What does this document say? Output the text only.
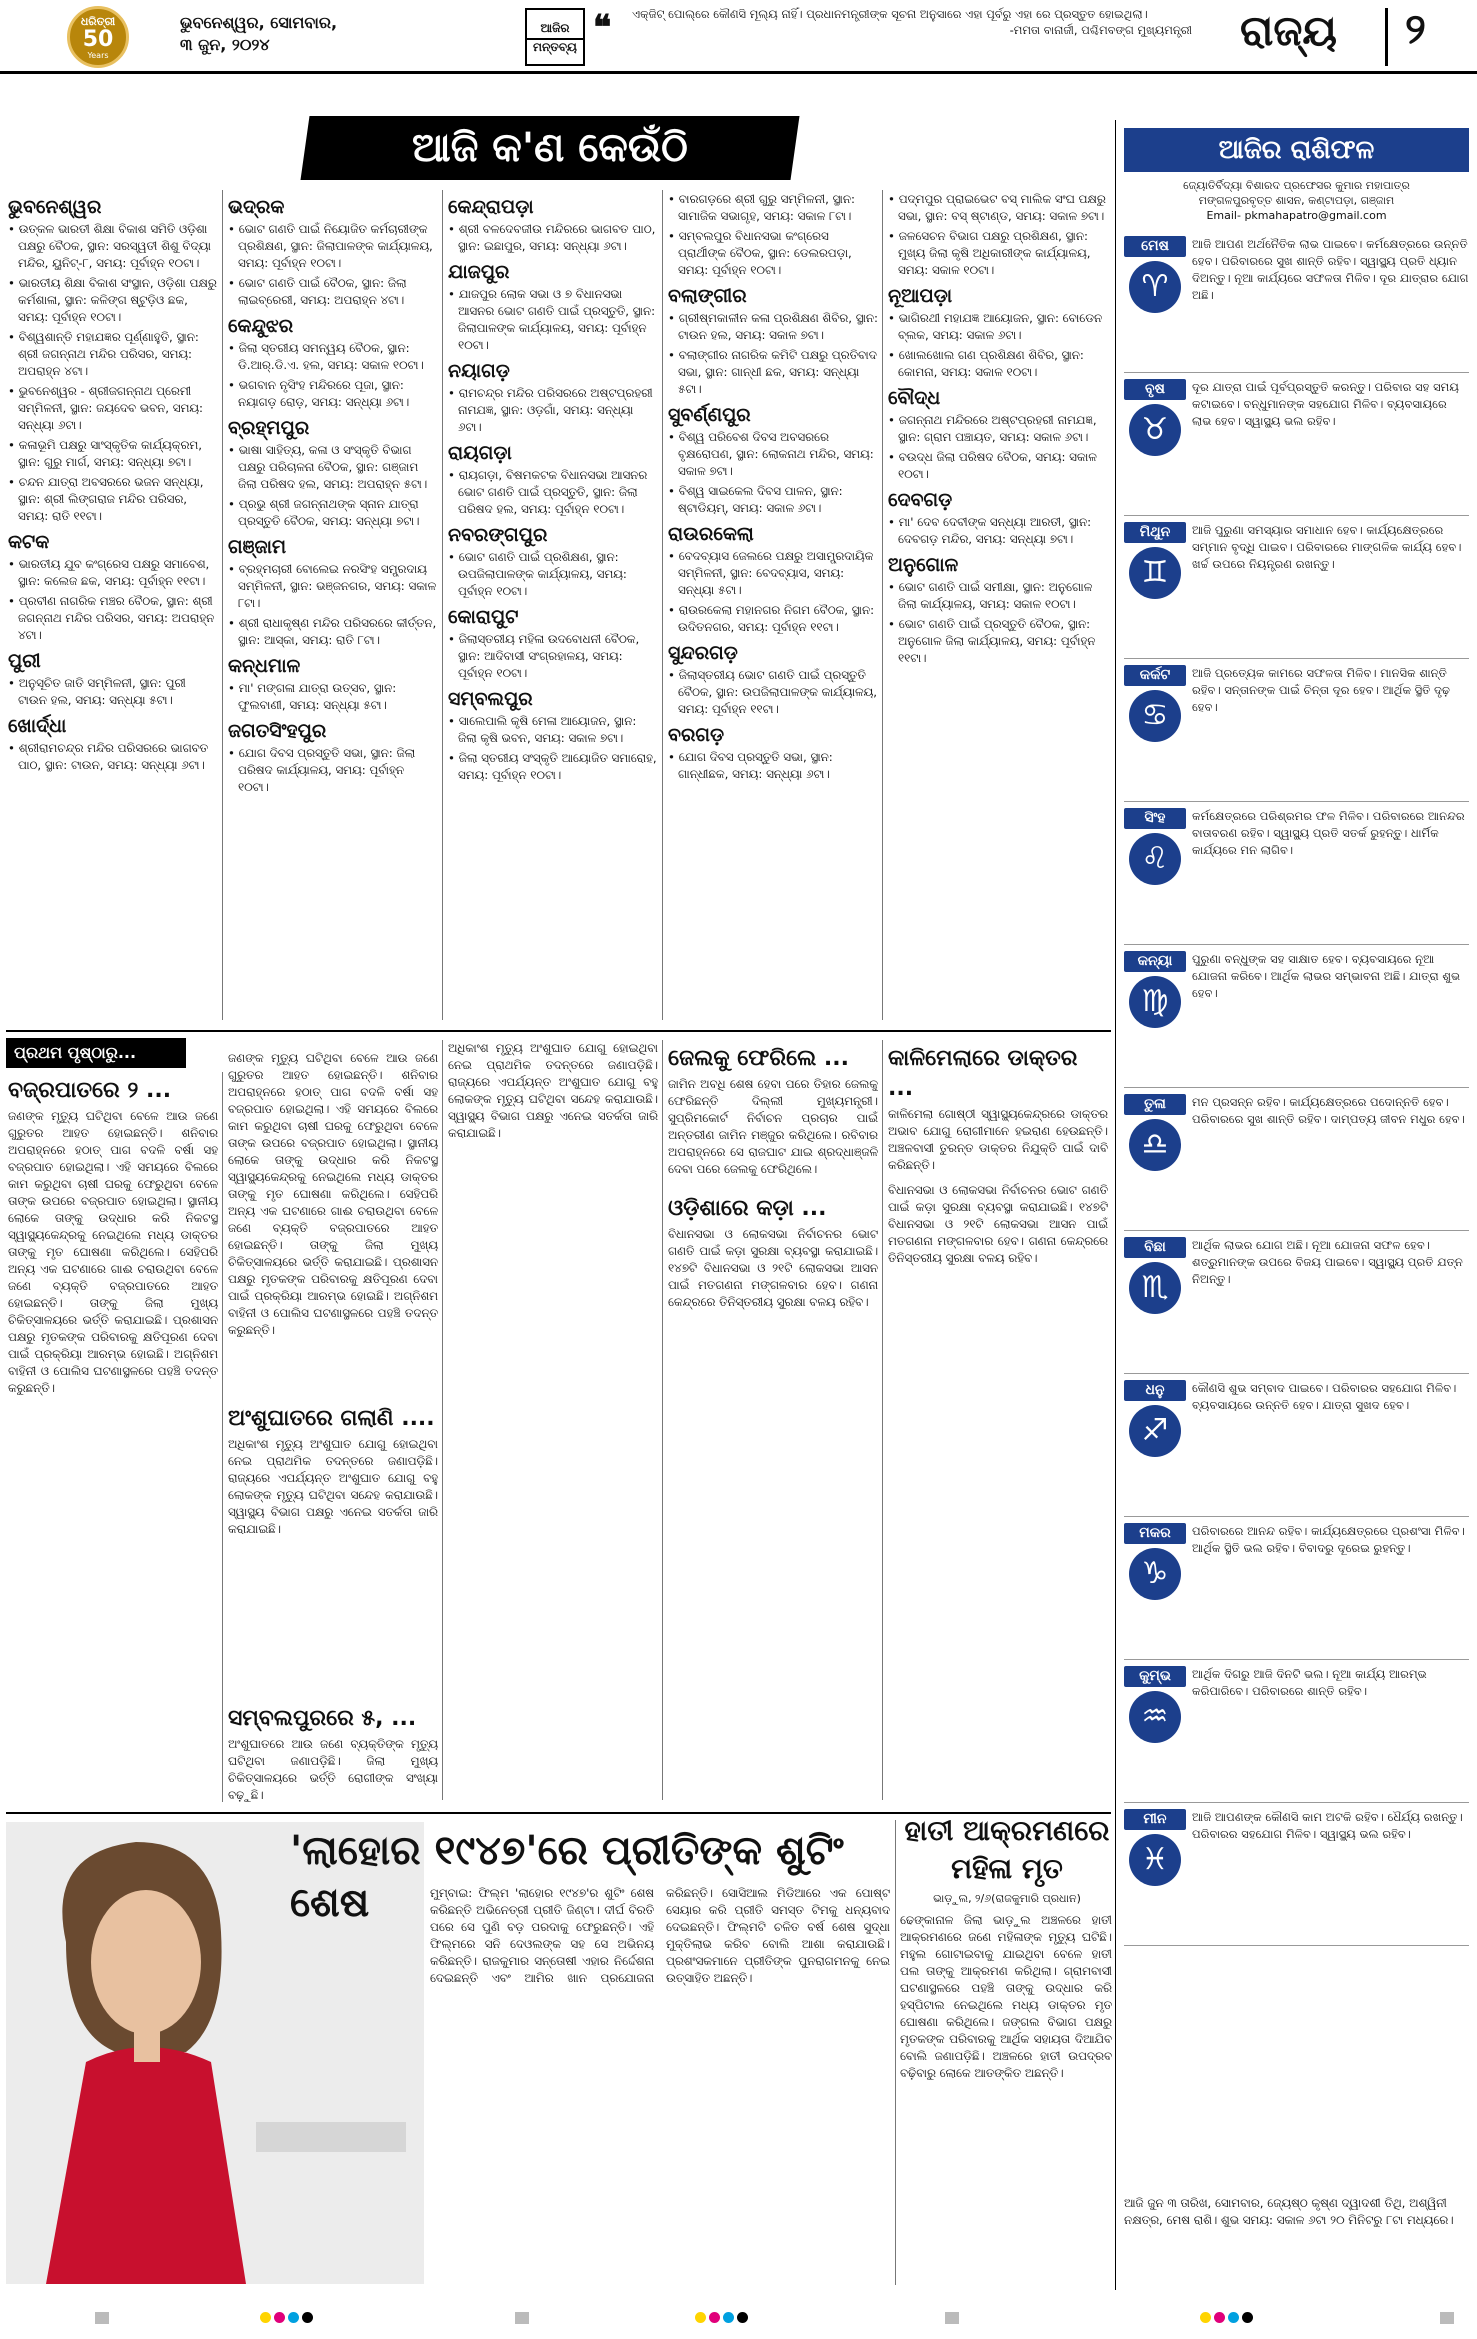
ଧରିତ୍ରୀ
50
Years
ଭୁବନେଶ୍ୱର, ସୋମବାର,
୩ ଜୁନ, ୨୦୨୪
ଆଜିର
ମନ୍ତବ୍ୟ ❝ ଏକ୍ଜିଟ୍ ପୋଲ୍ରେ କୌଣସି ମୂଲ୍ୟ ନାହିଁ। ପ୍ରଧାନମନ୍ତ୍ରୀଙ୍କ ସୂଚନା ଅନୁସାରେ ଏହା ପୂର୍ବରୁ ଏହା ରେ ପ୍ରସ୍ତୁତ ହୋଇଥିଲା।
-ମମତା ବାନାର୍ଜୀ, ପଶ୍ଚିମବଙ୍ଗ ମୁଖ୍ୟମନ୍ତ୍ରୀ ରାଜ୍ୟ ୨
ଆଜି କ'ଣ କେଉଁଠି
ଭୁବନେଶ୍ୱର
• ଉତ୍କଳ ଭାରତୀ ଶିକ୍ଷା ବିକାଶ ସମିତି ଓଡ଼ିଶା ପକ୍ଷରୁ ବୈଠକ, ସ୍ଥାନ: ସରସ୍ୱତୀ ଶିଶୁ ବିଦ୍ୟା ମନ୍ଦିର, ୟୁନିଟ୍-୮, ସମୟ: ପୂର୍ବାହ୍ନ ୧୦ଟା।
• ଭାରତୀୟ ଶିକ୍ଷା ବିକାଶ ସଂସ୍ଥାନ, ଓଡ଼ିଶା ପକ୍ଷରୁ କର୍ମଶାଳା, ସ୍ଥାନ: କଳିଙ୍ଗ ଷ୍ଟୁଡ଼ିଓ ଛକ, ସମୟ: ପୂର୍ବାହ୍ନ ୧୦ଟା।
• ବିଶ୍ୱଶାନ୍ତି ମହାଯଜ୍ଞର ପୂର୍ଣ୍ଣାହୁତି, ସ୍ଥାନ: ଶ୍ରୀ ଜଗନ୍ନାଥ ମନ୍ଦିର ପରିସର, ସମୟ: ଅପରାହ୍ନ ୪ଟା।
• ଭୁବନେଶ୍ୱର - ଶ୍ରୀଜଗନ୍ନାଥ ପ୍ରେମୀ ସମ୍ମିଳନୀ, ସ୍ଥାନ: ଜୟଦେବ ଭବନ, ସମୟ: ସନ୍ଧ୍ୟା ୬ଟା।
• କଳାଭୂମି ପକ୍ଷରୁ ସାଂସ୍କୃତିକ କାର୍ଯ୍ୟକ୍ରମ, ସ୍ଥାନ: ଗୁରୁ ମାର୍ଗ, ସମୟ: ସନ୍ଧ୍ୟା ୭ଟା।
• ଚନ୍ଦନ ଯାତ୍ରା ଅବସରରେ ଭଜନ ସନ୍ଧ୍ୟା, ସ୍ଥାନ: ଶ୍ରୀ ଲିଙ୍ଗରାଜ ମନ୍ଦିର ପରିସର, ସମୟ: ରାତି ୧୧ଟା।
କଟକ
• ଭାରତୀୟ ଯୁବ କଂଗ୍ରେସ ପକ୍ଷରୁ ସମାବେଶ, ସ୍ଥାନ: କଲେଜ ଛକ, ସମୟ: ପୂର୍ବାହ୍ନ ୧୧ଟା।
• ପ୍ରବୀଣ ନାଗରିକ ମଞ୍ଚର ବୈଠକ, ସ୍ଥାନ: ଶ୍ରୀ ଜଗନ୍ନାଥ ମନ୍ଦିର ପରିସର, ସମୟ: ଅପରାହ୍ନ ୪ଟା।
ପୁରୀ
• ଅନୁସୂଚିତ ଜାତି ସମ୍ମିଳନୀ, ସ୍ଥାନ: ପୁରୀ ଟାଉନ ହଲ, ସମୟ: ସନ୍ଧ୍ୟା ୫ଟା।
ଖୋର୍ଦ୍ଧା
• ଶ୍ରୀରାମଚନ୍ଦ୍ର ମନ୍ଦିର ପରିସରରେ ଭାଗବତ ପାଠ, ସ୍ଥାନ: ଟାଉନ, ସମୟ: ସନ୍ଧ୍ୟା ୬ଟା।
ଭଦ୍ରକ
• ଭୋଟ ଗଣତି ପାଇଁ ନିୟୋଜିତ କର୍ମଚାରୀଙ୍କ ପ୍ରଶିକ୍ଷଣ, ସ୍ଥାନ: ଜିଲାପାଳଙ୍କ କାର୍ଯ୍ୟାଳୟ, ସମୟ: ପୂର୍ବାହ୍ନ ୧୦ଟା।
• ଭୋଟ ଗଣତି ପାଇଁ ବୈଠକ, ସ୍ଥାନ: ଜିଲା ଲାଇବ୍ରେରୀ, ସମୟ: ଅପରାହ୍ନ ୪ଟା।
କେନ୍ଦୁଝର
• ଜିଲା ସ୍ତରୀୟ ସମନ୍ୱୟ ବୈଠକ, ସ୍ଥାନ: ଡି.ଆର୍.ଡି.ଏ. ହଲ, ସମୟ: ସକାଳ ୧୦ଟା।
• ଭଗବାନ ନୃସିଂହ ମନ୍ଦିରରେ ପୂଜା, ସ୍ଥାନ: ନୟାଗଡ଼ ରୋଡ଼, ସମୟ: ସନ୍ଧ୍ୟା ୬ଟା।
ବ୍ରହ୍ମପୁର
• ଭାଷା ସାହିତ୍ୟ, କଳା ଓ ସଂସ୍କୃତି ବିଭାଗ ପକ୍ଷରୁ ପରିଚାଳନା ବୈଠକ, ସ୍ଥାନ: ଗଞ୍ଜାମ ଜିଲା ପରିଷଦ ହଲ, ସମୟ: ଅପରାହ୍ନ ୫ଟା।
• ପ୍ରଭୁ ଶ୍ରୀ ଜଗନ୍ନାଥଙ୍କ ସ୍ନାନ ଯାତ୍ରା ପ୍ରସ୍ତୁତି ବୈଠକ, ସମୟ: ସନ୍ଧ୍ୟା ୭ଟା।
ଗଞ୍ଜାମ
• ବ୍ରହ୍ମଚାରୀ ବୋଲେଇ ନରସିଂହ ସମ୍ପ୍ରଦାୟ ସମ୍ମିଳନୀ, ସ୍ଥାନ: ଭଞ୍ଜନଗର, ସମୟ: ସକାଳ ୮ଟା।
• ଶ୍ରୀ ରାଧାକୃଷ୍ଣ ମନ୍ଦିର ପରିସରରେ କୀର୍ତ୍ତନ, ସ୍ଥାନ: ଆସ୍କା, ସମୟ: ରାତି ୮ଟା।
କନ୍ଧମାଳ
• ମା' ମଙ୍ଗଳା ଯାତ୍ରା ଉତ୍ସବ, ସ୍ଥାନ: ଫୁଲବାଣୀ, ସମୟ: ସନ୍ଧ୍ୟା ୫ଟା।
ଜଗତସିଂହପୁର
• ଯୋଗ ଦିବସ ପ୍ରସ୍ତୁତି ସଭା, ସ୍ଥାନ: ଜିଲା ପରିଷଦ କାର୍ଯ୍ୟାଳୟ, ସମୟ: ପୂର୍ବାହ୍ନ ୧୦ଟା।
କେନ୍ଦ୍ରାପଡ଼ା
• ଶ୍ରୀ ବଳଦେବଜୀଉ ମନ୍ଦିରରେ ଭାଗବତ ପାଠ, ସ୍ଥାନ: ଇଛାପୁର, ସମୟ: ସନ୍ଧ୍ୟା ୬ଟା।
ଯାଜପୁର
• ଯାଜପୁର ଲୋକ ସଭା ଓ ୭ ବିଧାନସଭା ଆସନର ଭୋଟ ଗଣତି ପାଇଁ ପ୍ରସ୍ତୁତି, ସ୍ଥାନ: ଜିଲାପାଳଙ୍କ କାର୍ଯ୍ୟାଳୟ, ସମୟ: ପୂର୍ବାହ୍ନ ୧୦ଟା।
ନୟାଗଡ଼
• ରାମଚନ୍ଦ୍ର ମନ୍ଦିର ପରିସରରେ ଅଷ୍ଟପ୍ରହରୀ ନାମଯଜ୍ଞ, ସ୍ଥାନ: ଓଡ଼ଗାଁ, ସମୟ: ସନ୍ଧ୍ୟା ୬ଟା।
ରାୟଗଡ଼ା
• ରାୟଗଡ଼ା, ବିଷମକଟକ ବିଧାନସଭା ଆସନର ଭୋଟ ଗଣତି ପାଇଁ ପ୍ରସ୍ତୁତି, ସ୍ଥାନ: ଜିଲା ପରିଷଦ ହଲ, ସମୟ: ପୂର୍ବାହ୍ନ ୧୦ଟା।
ନବରଙ୍ଗପୁର
• ଭୋଟ ଗଣତି ପାଇଁ ପ୍ରଶିକ୍ଷଣ, ସ୍ଥାନ: ଉପଜିଲାପାଳଙ୍କ କାର୍ଯ୍ୟାଳୟ, ସମୟ: ପୂର୍ବାହ୍ନ ୧୦ଟା।
କୋରାପୁଟ
• ଜିଲାସ୍ତରୀୟ ମହିଳା ଉଦବୋଧନୀ ବୈଠକ, ସ୍ଥାନ: ଆଦିବାସୀ ସଂଗ୍ରହାଳୟ, ସମୟ: ପୂର୍ବାହ୍ନ ୧୦ଟା।
ସମ୍ବଲପୁର
• ସାଲେପାଲି କୃଷି ମେଳା ଆୟୋଜନ, ସ୍ଥାନ: ଜିଲା କୃଷି ଭବନ, ସମୟ: ସକାଳ ୭ଟା।
• ଜିଲା ସ୍ତରୀୟ ସଂସ୍କୃତି ଆୟୋଜିତ ସମାରୋହ, ସମୟ: ପୂର୍ବାହ୍ନ ୧୦ଟା।
• ବାରଗଡ଼ରେ ଶ୍ରୀ ଗୁରୁ ସମ୍ମିଳନୀ, ସ୍ଥାନ: ସାମାଜିକ ସଭାଗୃହ, ସମୟ: ସକାଳ ୮ଟା।
• ସମ୍ବଲପୁର ବିଧାନସଭା କଂଗ୍ରେସ ପ୍ରାର୍ଥୀଙ୍କ ବୈଠକ, ସ୍ଥାନ: ଡେଲରପଡ଼ା, ସମୟ: ପୂର୍ବାହ୍ନ ୧୦ଟା।
ବଲାଙ୍ଗୀର
• ଗ୍ରୀଷ୍ମକାଳୀନ କଳା ପ୍ରଶିକ୍ଷଣ ଶିବିର, ସ୍ଥାନ: ଟାଉନ ହଲ, ସମୟ: ସକାଳ ୭ଟା।
• ବଲାଙ୍ଗୀର ନାଗରିକ କମିଟି ପକ୍ଷରୁ ପ୍ରତିବାଦ ସଭା, ସ୍ଥାନ: ଗାନ୍ଧୀ ଛକ, ସମୟ: ସନ୍ଧ୍ୟା ୫ଟା।
ସୁବର୍ଣ୍ଣପୁର
• ବିଶ୍ୱ ପରିବେଶ ଦିବସ ଅବସରରେ ବୃକ୍ଷରୋପଣ, ସ୍ଥାନ: ଲୋକନାଥ ମନ୍ଦିର, ସମୟ: ସକାଳ ୭ଟା।
• ବିଶ୍ୱ ସାଇକେଲ ଦିବସ ପାଳନ, ସ୍ଥାନ: ଷ୍ଟାଡିୟମ୍, ସମୟ: ସକାଳ ୬ଟା।
ରାଉରକେଲା
• ବେଦବ୍ୟାସ ଜେଲରେ ପକ୍ଷରୁ ଅସାମ୍ପ୍ରଦାୟିକ ସମ୍ମିଳନୀ, ସ୍ଥାନ: ବେଦବ୍ୟାସ, ସମୟ: ସନ୍ଧ୍ୟା ୫ଟା।
• ରାଉରକେଲା ମହାନଗର ନିଗମ ବୈଠକ, ସ୍ଥାନ: ଉଦିତନଗର, ସମୟ: ପୂର୍ବାହ୍ନ ୧୧ଟା।
ସୁନ୍ଦରଗଡ଼
• ଜିଲାସ୍ତରୀୟ ଭୋଟ ଗଣତି ପାଇଁ ପ୍ରସ୍ତୁତି ବୈଠକ, ସ୍ଥାନ: ଉପଜିଲାପାଳଙ୍କ କାର୍ଯ୍ୟାଳୟ, ସମୟ: ପୂର୍ବାହ୍ନ ୧୧ଟା।
ବରଗଡ଼
• ଯୋଗ ଦିବସ ପ୍ରସ୍ତୁତି ସଭା, ସ୍ଥାନ: ଗାନ୍ଧୀଛକ, ସମୟ: ସନ୍ଧ୍ୟା ୬ଟା।
• ପଦ୍ମପୁର ପ୍ରାଇଭେଟ ବସ୍ ମାଲିକ ସଂଘ ପକ୍ଷରୁ ସଭା, ସ୍ଥାନ: ବସ୍ ଷ୍ଟାଣ୍ଡ, ସମୟ: ସକାଳ ୭ଟା।
• ଜଳସେଚନ ବିଭାଗ ପକ୍ଷରୁ ପ୍ରଶିକ୍ଷଣ, ସ୍ଥାନ: ମୁଖ୍ୟ ଜିଲା କୃଷି ଅଧିକାରୀଙ୍କ କାର୍ଯ୍ୟାଳୟ, ସମୟ: ସକାଳ ୧୦ଟା।
ନୂଆପଡ଼ା
• ଭାଗିରଥୀ ମହାଯଜ୍ଞ ଆୟୋଜନ, ସ୍ଥାନ: ବୋଡେନ ବ୍ଲକ, ସମୟ: ସକାଳ ୬ଟା।
• ଖୋଲଖୋଲ ଗଣ ପ୍ରଶିକ୍ଷଣ ଶିବିର, ସ୍ଥାନ: କୋମନା, ସମୟ: ସକାଳ ୧୦ଟା।
ବୌଦ୍ଧ
• ଜଗନ୍ନାଥ ମନ୍ଦିରରେ ଅଷ୍ଟପ୍ରହରୀ ନାମଯଜ୍ଞ, ସ୍ଥାନ: ଗ୍ରାମ ପଞ୍ଚାୟତ, ସମୟ: ସକାଳ ୬ଟା।
• ବଉଦ୍ଧ ଜିଲା ପରିଷଦ ବୈଠକ, ସମୟ: ସକାଳ ୧୦ଟା।
ଦେବଗଡ଼
• ମା' ଦେବ ଦେବୀଙ୍କ ସନ୍ଧ୍ୟା ଆରତୀ, ସ୍ଥାନ: ଦେବଗଡ଼ ମନ୍ଦିର, ସମୟ: ସନ୍ଧ୍ୟା ୭ଟା।
ଅନୁଗୋଳ
• ଭୋଟ ଗଣତି ପାଇଁ ସମୀକ୍ଷା, ସ୍ଥାନ: ଅନୁଗୋଳ ଜିଲା କାର୍ଯ୍ୟାଳୟ, ସମୟ: ସକାଳ ୧୦ଟା।
• ଭୋଟ ଗଣତି ପାଇଁ ପ୍ରସ୍ତୁତି ବୈଠକ, ସ୍ଥାନ: ଅନୁଗୋଳ ଜିଲା କାର୍ଯ୍ୟାଳୟ, ସମୟ: ପୂର୍ବାହ୍ନ ୧୧ଟା।
ଆଜିର ରାଶିଫଳ
ଜ୍ୟୋତିର୍ବିଦ୍ୟା ବିଶାରଦ ପ୍ରଫେସର କୁମାର ମହାପାତ୍ର
ମଙ୍ଗଳପୁରବୃତ୍ତ ଶାସନ, କଣ୍ଟାପଡ଼ା, ଗଞ୍ଜାମ
Email- pkmahapatro@gmail.com
ମେଷ
♈
ଆଜି ଆପଣ ଅର୍ଥନୈତିକ ଲାଭ ପାଇବେ। କର୍ମକ୍ଷେତ୍ରରେ ଉନ୍ନତି ହେବ। ପରିବାରରେ ସୁଖ ଶାନ୍ତି ରହିବ। ସ୍ୱାସ୍ଥ୍ୟ ପ୍ରତି ଧ୍ୟାନ ଦିଅନ୍ତୁ। ନୂଆ କାର୍ଯ୍ୟରେ ସଫଳତା ମିଳିବ। ଦୂର ଯାତ୍ରାର ଯୋଗ ଅଛି।
ବୃଷ
♉
ଦୂର ଯାତ୍ରା ପାଇଁ ପୂର୍ବପ୍ରସ୍ତୁତି କରନ୍ତୁ। ପରିବାର ସହ ସମୟ କଟାଇବେ। ବନ୍ଧୁମାନଙ୍କ ସହଯୋଗ ମିଳିବ। ବ୍ୟବସାୟରେ ଲାଭ ହେବ। ସ୍ୱାସ୍ଥ୍ୟ ଭଲ ରହିବ।
ମିଥୁନ
♊
ଆଜି ପୁରୁଣା ସମସ୍ୟାର ସମାଧାନ ହେବ। କାର୍ଯ୍ୟକ୍ଷେତ୍ରରେ ସମ୍ମାନ ବୃଦ୍ଧି ପାଇବ। ପରିବାରରେ ମାଙ୍ଗଳିକ କାର୍ଯ୍ୟ ହେବ। ଖର୍ଚ୍ଚ ଉପରେ ନିୟନ୍ତ୍ରଣ ରଖନ୍ତୁ।
କର୍କଟ
♋
ଆଜି ପ୍ରତ୍ୟେକ କାମରେ ସଫଳତା ମିଳିବ। ମାନସିକ ଶାନ୍ତି ରହିବ। ସନ୍ତାନଙ୍କ ପାଇଁ ଚିନ୍ତା ଦୂର ହେବ। ଆର୍ଥିକ ସ୍ଥିତି ଦୃଢ଼ ହେବ।
ସିଂହ
♌
କର୍ମକ୍ଷେତ୍ରରେ ପରିଶ୍ରମର ଫଳ ମିଳିବ। ପରିବାରରେ ଆନନ୍ଦର ବାତାବରଣ ରହିବ। ସ୍ୱାସ୍ଥ୍ୟ ପ୍ରତି ସତର୍କ ରୁହନ୍ତୁ। ଧାର୍ମିକ କାର୍ଯ୍ୟରେ ମନ ଲାଗିବ।
କନ୍ୟା
♍
ପୁରୁଣା ବନ୍ଧୁଙ୍କ ସହ ସାକ୍ଷାତ ହେବ। ବ୍ୟବସାୟରେ ନୂଆ ଯୋଜନା କରିବେ। ଆର୍ଥିକ ଲାଭର ସମ୍ଭାବନା ଅଛି। ଯାତ୍ରା ଶୁଭ ହେବ।
ତୁଳା
♎
ମନ ପ୍ରସନ୍ନ ରହିବ। କାର୍ଯ୍ୟକ୍ଷେତ୍ରରେ ପଦୋନ୍ନତି ହେବ। ପରିବାରରେ ସୁଖ ଶାନ୍ତି ରହିବ। ଦାମ୍ପତ୍ୟ ଜୀବନ ମଧୁର ହେବ।
ବିଛା
♏
ଆର୍ଥିକ ଲାଭର ଯୋଗ ଅଛି। ନୂଆ ଯୋଜନା ସଫଳ ହେବ। ଶତ୍ରୁମାନଙ୍କ ଉପରେ ବିଜୟ ପାଇବେ। ସ୍ୱାସ୍ଥ୍ୟ ପ୍ରତି ଯତ୍ନ ନିଅନ୍ତୁ।
ଧନୁ
♐
କୌଣସି ଶୁଭ ସମ୍ବାଦ ପାଇବେ। ପରିବାରର ସହଯୋଗ ମିଳିବ। ବ୍ୟବସାୟରେ ଉନ୍ନତି ହେବ। ଯାତ୍ରା ସୁଖଦ ହେବ।
ମକର
♑
ପରିବାରରେ ଆନନ୍ଦ ରହିବ। କାର୍ଯ୍ୟକ୍ଷେତ୍ରରେ ପ୍ରଶଂସା ମିଳିବ। ଆର୍ଥିକ ସ୍ଥିତି ଭଲ ରହିବ। ବିବାଦରୁ ଦୂରେଇ ରୁହନ୍ତୁ।
କୁମ୍ଭ
♒
ଆର୍ଥିକ ଦିଗରୁ ଆଜି ଦିନଟି ଭଲ। ନୂଆ କାର୍ଯ୍ୟ ଆରମ୍ଭ କରିପାରିବେ। ପରିବାରରେ ଶାନ୍ତି ରହିବ।
ମୀନ
♓
ଆଜି ଆପଣଙ୍କ କୌଣସି କାମ ଅଟକି ରହିବ। ଧୈର୍ଯ୍ୟ ରଖନ୍ତୁ। ପରିବାରର ସହଯୋଗ ମିଳିବ। ସ୍ୱାସ୍ଥ୍ୟ ଭଲ ରହିବ।
ଆଜି ଜୁନ ୩ ତାରିଖ, ସୋମବାର, ଜ୍ୟେଷ୍ଠ କୃଷ୍ଣ ଦ୍ୱାଦଶୀ ତିଥି, ଅଶ୍ୱିନୀ ନକ୍ଷତ୍ର, ମେଷ ରାଶି। ଶୁଭ ସମୟ: ସକାଳ ୬ଟା ୨୦ ମିନିଟରୁ ୮ଟା ମଧ୍ୟରେ।
ପ୍ରଥମ ପୃଷ୍ଠାରୁ...
ବଜ୍ରପାତରେ ୨ ...
ଜଣଙ୍କ ମୃତ୍ୟୁ ଘଟିଥିବା ବେଳେ ଆଉ ଜଣେ ଗୁରୁତର ଆହତ ହୋଇଛନ୍ତି। ଶନିବାର ଅପରାହ୍ନରେ ହଠାତ୍ ପାଗ ବଦଳି ବର୍ଷା ସହ ବଜ୍ରପାତ ହୋଇଥିଲା। ଏହି ସମୟରେ ବିଲରେ କାମ କରୁଥିବା ଚାଷୀ ଘରକୁ ଫେରୁଥିବା ବେଳେ ତାଙ୍କ ଉପରେ ବଜ୍ରପାତ ହୋଇଥିଲା। ସ୍ଥାନୀୟ ଲୋକେ ତାଙ୍କୁ ଉଦ୍ଧାର କରି ନିକଟସ୍ଥ ସ୍ୱାସ୍ଥ୍ୟକେନ୍ଦ୍ରକୁ ନେଇଥିଲେ ମଧ୍ୟ ଡାକ୍ତର ତାଙ୍କୁ ମୃତ ଘୋଷଣା କରିଥିଲେ। ସେହିପରି ଅନ୍ୟ ଏକ ଘଟଣାରେ ଗାଈ ଚରାଉଥିବା ବେଳେ ଜଣେ ବ୍ୟକ୍ତି ବଜ୍ରପାତରେ ଆହତ ହୋଇଛନ୍ତି। ତାଙ୍କୁ ଜିଲା ମୁଖ୍ୟ ଚିକିତ୍ସାଳୟରେ ଭର୍ତ୍ତି କରାଯାଇଛି। ପ୍ରଶାସନ ପକ୍ଷରୁ ମୃତକଙ୍କ ପରିବାରକୁ କ୍ଷତିପୂରଣ ଦେବା ପାଇଁ ପ୍ରକ୍ରିୟା ଆରମ୍ଭ ହୋଇଛି। ଅଗ୍ନିଶମ ବାହିନୀ ଓ ପୋଲିସ ଘଟଣାସ୍ଥଳରେ ପହଞ୍ଚି ତଦନ୍ତ କରୁଛନ୍ତି।
ଜଣଙ୍କ ମୃତ୍ୟୁ ଘଟିଥିବା ବେଳେ ଆଉ ଜଣେ ଗୁରୁତର ଆହତ ହୋଇଛନ୍ତି। ଶନିବାର ଅପରାହ୍ନରେ ହଠାତ୍ ପାଗ ବଦଳି ବର୍ଷା ସହ ବଜ୍ରପାତ ହୋଇଥିଲା। ଏହି ସମୟରେ ବିଲରେ କାମ କରୁଥିବା ଚାଷୀ ଘରକୁ ଫେରୁଥିବା ବେଳେ ତାଙ୍କ ଉପରେ ବଜ୍ରପାତ ହୋଇଥିଲା। ସ୍ଥାନୀୟ ଲୋକେ ତାଙ୍କୁ ଉଦ୍ଧାର କରି ନିକଟସ୍ଥ ସ୍ୱାସ୍ଥ୍ୟକେନ୍ଦ୍ରକୁ ନେଇଥିଲେ ମଧ୍ୟ ଡାକ୍ତର ତାଙ୍କୁ ମୃତ ଘୋଷଣା କରିଥିଲେ। ସେହିପରି ଅନ୍ୟ ଏକ ଘଟଣାରେ ଗାଈ ଚରାଉଥିବା ବେଳେ ଜଣେ ବ୍ୟକ୍ତି ବଜ୍ରପାତରେ ଆହତ ହୋଇଛନ୍ତି। ତାଙ୍କୁ ଜିଲା ମୁଖ୍ୟ ଚିକିତ୍ସାଳୟରେ ଭର୍ତ୍ତି କରାଯାଇଛି। ପ୍ରଶାସନ ପକ୍ଷରୁ ମୃତକଙ୍କ ପରିବାରକୁ କ୍ଷତିପୂରଣ ଦେବା ପାଇଁ ପ୍ରକ୍ରିୟା ଆରମ୍ଭ ହୋଇଛି। ଅଗ୍ନିଶମ ବାହିନୀ ଓ ପୋଲିସ ଘଟଣାସ୍ଥଳରେ ପହଞ୍ଚି ତଦନ୍ତ କରୁଛନ୍ତି।
ଅଂଶୁଘାତରେ ଗଲାଣି ....
ଅଧିକାଂଶ ମୃତ୍ୟୁ ଅଂଶୁଘାତ ଯୋଗୁ ହୋଇଥିବା ନେଇ ପ୍ରାଥମିକ ତଦନ୍ତରେ ଜଣାପଡ଼ିଛି। ରାଜ୍ୟରେ ଏପର୍ଯ୍ୟନ୍ତ ଅଂଶୁଘାତ ଯୋଗୁ ବହୁ ଲୋକଙ୍କ ମୃତ୍ୟୁ ଘଟିଥିବା ସନ୍ଦେହ କରାଯାଉଛି। ସ୍ୱାସ୍ଥ୍ୟ ବିଭାଗ ପକ୍ଷରୁ ଏନେଇ ସତର୍କତା ଜାରି କରାଯାଇଛି।
ସମ୍ବଲପୁରରେ ୫, ...
ଅଂଶୁଘାତରେ ଆଉ ଜଣେ ବ୍ୟକ୍ତିଙ୍କ ମୃତ୍ୟୁ ଘଟିଥିବା ଜଣାପଡ଼ିଛି। ଜିଲା ମୁଖ୍ୟ ଚିକିତ୍ସାଳୟରେ ଭର୍ତ୍ତି ରୋଗୀଙ୍କ ସଂଖ୍ୟା ବଢ଼ୁଛି।
ଅଧିକାଂଶ ମୃତ୍ୟୁ ଅଂଶୁଘାତ ଯୋଗୁ ହୋଇଥିବା ନେଇ ପ୍ରାଥମିକ ତଦନ୍ତରେ ଜଣାପଡ଼ିଛି। ରାଜ୍ୟରେ ଏପର୍ଯ୍ୟନ୍ତ ଅଂଶୁଘାତ ଯୋଗୁ ବହୁ ଲୋକଙ୍କ ମୃତ୍ୟୁ ଘଟିଥିବା ସନ୍ଦେହ କରାଯାଉଛି। ସ୍ୱାସ୍ଥ୍ୟ ବିଭାଗ ପକ୍ଷରୁ ଏନେଇ ସତର୍କତା ଜାରି କରାଯାଇଛି।
ଜେଲକୁ ଫେରିଲେ ...
ଜାମିନ ଅବଧି ଶେଷ ହେବା ପରେ ତିହାର ଜେଲକୁ ଫେରିଛନ୍ତି ଦିଲ୍ଲୀ ମୁଖ୍ୟମନ୍ତ୍ରୀ। ସୁପ୍ରିମକୋର୍ଟ ନିର୍ବାଚନ ପ୍ରଚାର ପାଇଁ ଅନ୍ତରୀଣ ଜାମିନ ମଞ୍ଜୁର କରିଥିଲେ। ରବିବାର ଅପରାହ୍ନରେ ସେ ରାଜଘାଟ ଯାଇ ଶ୍ରଦ୍ଧାଞ୍ଜଳି ଦେବା ପରେ ଜେଲକୁ ଫେରିଥିଲେ।
ଓଡ଼ିଶାରେ କଡ଼ା ...
ବିଧାନସଭା ଓ ଲୋକସଭା ନିର୍ବାଚନର ଭୋଟ ଗଣତି ପାଇଁ କଡ଼ା ସୁରକ୍ଷା ବ୍ୟବସ୍ଥା କରାଯାଇଛି। ୧୪୭ଟି ବିଧାନସଭା ଓ ୨୧ଟି ଲୋକସଭା ଆସନ ପାଇଁ ମତଗଣନା ମଙ୍ଗଳବାର ହେବ। ଗଣନା କେନ୍ଦ୍ରରେ ତିନିସ୍ତରୀୟ ସୁରକ୍ଷା ବଳୟ ରହିବ।
କାଳିମେଲାରେ ଡାକ୍ତର ...
କାଳିମେଲା ଗୋଷ୍ଠୀ ସ୍ୱାସ୍ଥ୍ୟକେନ୍ଦ୍ରରେ ଡାକ୍ତର ଅଭାବ ଯୋଗୁ ରୋଗୀମାନେ ହଇରାଣ ହେଉଛନ୍ତି। ଅଞ୍ଚଳବାସୀ ତୁରନ୍ତ ଡାକ୍ତର ନିଯୁକ୍ତି ପାଇଁ ଦାବି କରିଛନ୍ତି।
ବିଧାନସଭା ଓ ଲୋକସଭା ନିର୍ବାଚନର ଭୋଟ ଗଣତି ପାଇଁ କଡ଼ା ସୁରକ୍ଷା ବ୍ୟବସ୍ଥା କରାଯାଇଛି। ୧୪୭ଟି ବିଧାନସଭା ଓ ୨୧ଟି ଲୋକସଭା ଆସନ ପାଇଁ ମତଗଣନା ମଙ୍ଗଳବାର ହେବ। ଗଣନା କେନ୍ଦ୍ରରେ ତିନିସ୍ତରୀୟ ସୁରକ୍ଷା ବଳୟ ରହିବ।
'ଲାହୋର ୧୯୪୭'ରେ ପ୍ରୀତିଙ୍କ ଶୁଟିଂ ଶେଷ	ମୁମ୍ବାଇ: ଫିଲ୍ମ 'ଲାହୋର ୧୯୪୭'ର ଶୁଟିଂ ଶେଷ କରିଛନ୍ତି ଅଭିନେତ୍ରୀ ପ୍ରୀତି ଜିଣ୍ଟା। ଦୀର୍ଘ ବିରତି ପରେ ସେ ପୁଣି ବଡ଼ ପରଦାକୁ ଫେରୁଛନ୍ତି। ଏହି ଫିଲ୍ମରେ ସନି ଦେଓଲଙ୍କ ସହ ସେ ଅଭିନୟ କରିଛନ୍ତି। ରାଜକୁମାର ସନ୍ତୋଷୀ ଏହାର ନିର୍ଦ୍ଦେଶନା ଦେଇଛନ୍ତି ଏବଂ ଆମିର ଖାନ ପ୍ରଯୋଜନା କରିଛନ୍ତି। ସୋସିଆଲ ମିଡିଆରେ ଏକ ପୋଷ୍ଟ ସେୟାର କରି ପ୍ରୀତି ସମସ୍ତ ଟିମକୁ ଧନ୍ୟବାଦ ଦେଇଛନ୍ତି। ଫିଲ୍ମଟି ଚଳିତ ବର୍ଷ ଶେଷ ସୁଦ୍ଧା ମୁକ୍ତିଲାଭ କରିବ ବୋଲି ଆଶା କରାଯାଉଛି। ପ୍ରଶଂସକମାନେ ପ୍ରୀତିଙ୍କ ପୁନରାଗମନକୁ ନେଇ ଉତ୍ସାହିତ ଅଛନ୍ତି।
ହାତୀ ଆକ୍ରମଣରେ ମହିଳା ମୃତ
ଭାଡ଼ୁଲ, ୨/୬(ରାଜକୁମାରି ପ୍ରଧାନ)
ଢେଙ୍କାନାଳ ଜିଲା ଭାଡ଼ୁଲ ଅଞ୍ଚଳରେ ହାତୀ ଆକ୍ରମଣରେ ଜଣେ ମହିଳାଙ୍କ ମୃତ୍ୟୁ ଘଟିଛି। ମହୁଲ ଗୋଟାଇବାକୁ ଯାଇଥିବା ବେଳେ ହାତୀ ପଲ ତାଙ୍କୁ ଆକ୍ରମଣ କରିଥିଲା। ଗ୍ରାମବାସୀ ଘଟଣାସ୍ଥଳରେ ପହଞ୍ଚି ତାଙ୍କୁ ଉଦ୍ଧାର କରି ହସ୍ପିଟାଲ ନେଇଥିଲେ ମଧ୍ୟ ଡାକ୍ତର ମୃତ ଘୋଷଣା କରିଥିଲେ। ଜଙ୍ଗଲ ବିଭାଗ ପକ୍ଷରୁ ମୃତକଙ୍କ ପରିବାରକୁ ଆର୍ଥିକ ସହାୟତା ଦିଆଯିବ ବୋଲି ଜଣାପଡ଼ିଛି। ଅଞ୍ଚଳରେ ହାତୀ ଉପଦ୍ରବ ବଢ଼ିବାରୁ ଲୋକେ ଆତଙ୍କିତ ଅଛନ୍ତି।
